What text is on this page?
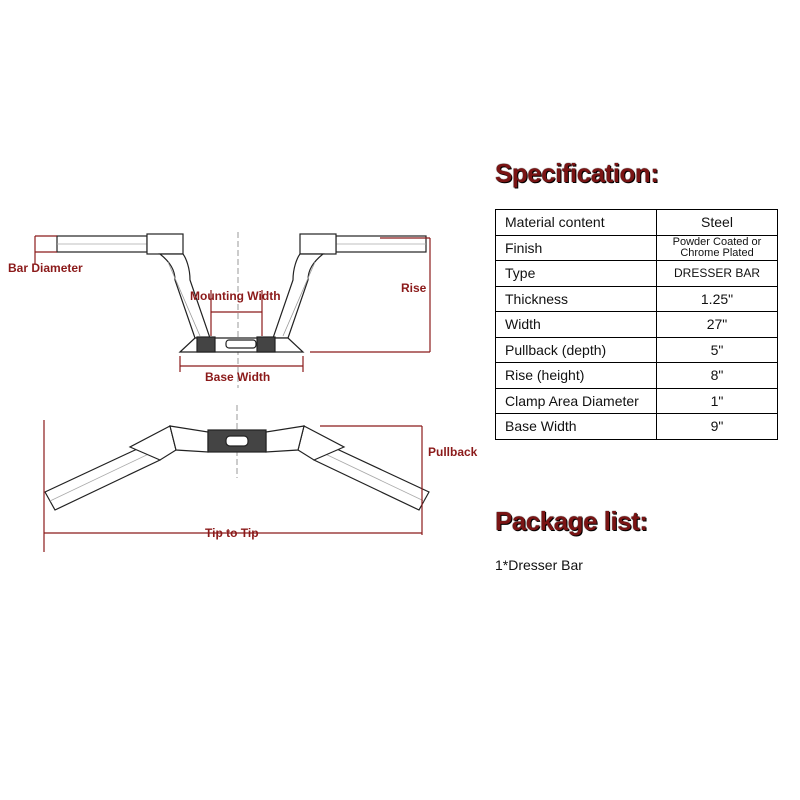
Bar Diameter
Mounting Width
Rise
Base Width
Pullback
Tip to Tip
Specification:
Material content	Steel
Finish	Powder Coated or Chrome Plated
Type	DRESSER BAR
Thickness	1.25"
Width	27"
Pullback (depth)	5"
Rise (height)	8"
Clamp Area Diameter	1"
Base Width	9"
Package list:
1*Dresser Bar
